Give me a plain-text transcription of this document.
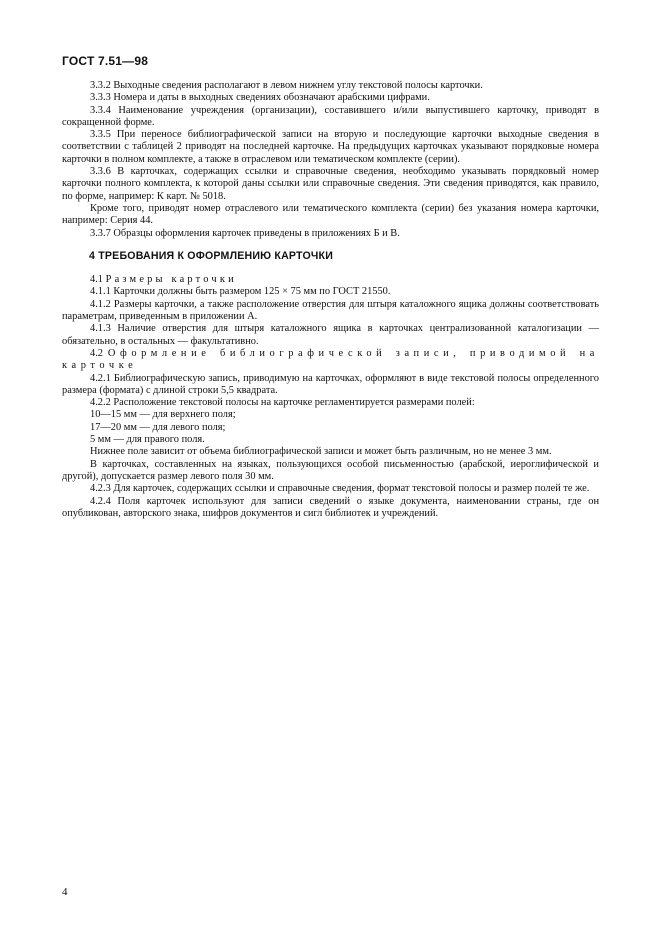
ГОСТ 7.51—98

3.3.2 Выходные сведения располагают в левом нижнем углу текстовой полосы карточки.

3.3.3 Номера и даты в выходных сведениях обозначают арабскими цифрами.

3.3.4 Наименование учреждения (организации), составившего и/или выпустившего карточку, приводят в сокращенной форме.

3.3.5 При переносе библиографической записи на вторую и последующие карточки выходные сведения в соответствии с таблицей 2 приводят на последней карточке. На предыдущих карточках указывают порядковые номера карточки в полном комплекте, а также в отраслевом или тематическом комплекте (серии).

3.3.6 В карточках, содержащих ссылки и справочные сведения, необходимо указывать порядковый номер карточки полного комплекта, к которой даны ссылки или справочные сведения. Эти сведения приводятся, как правило, по форме, например: К карт. № 5018.

Кроме того, приводят номер отраслевого или тематического комплекта (серии) без указания номера карточки, например: Серия 44.

3.3.7 Образцы оформления карточек приведены в приложениях Б и В.

4 ТРЕБОВАНИЯ К ОФОРМЛЕНИЮ КАРТОЧКИ

4.1 Размеры карточки

4.1.1 Карточки должны быть размером 125 × 75 мм по ГОСТ 21550.

4.1.2 Размеры карточки, а также расположение отверстия для штыря каталожного ящика должны соответствовать параметрам, приведенным в приложении А.

4.1.3 Наличие отверстия для штыря каталожного ящика в карточках централизованной каталогизации — обязательно, в остальных — факультативно.

4.2 Оформление библиографической записи, приводимой на карточке

4.2.1 Библиографическую запись, приводимую на карточках, оформляют в виде текстовой полосы определенного размера (формата) с длиной строки 5,5 квадрата.

4.2.2 Расположение текстовой полосы на карточке регламентируется размерами полей:

10—15 мм — для верхнего поля;

17—20 мм — для левого поля;

5 мм — для правого поля.

Нижнее поле зависит от объема библиографической записи и может быть различным, но не менее 3 мм.

В карточках, составленных на языках, пользующихся особой письменностью (арабской, иероглифической и другой), допускается размер левого поля 30 мм.

4.2.3 Для карточек, содержащих ссылки и справочные сведения, формат текстовой полосы и размер полей те же.

4.2.4 Поля карточек используют для записи сведений о языке документа, наименовании страны, где он опубликован, авторского знака, шифров документов и сигл библиотек и учреждений.

4
